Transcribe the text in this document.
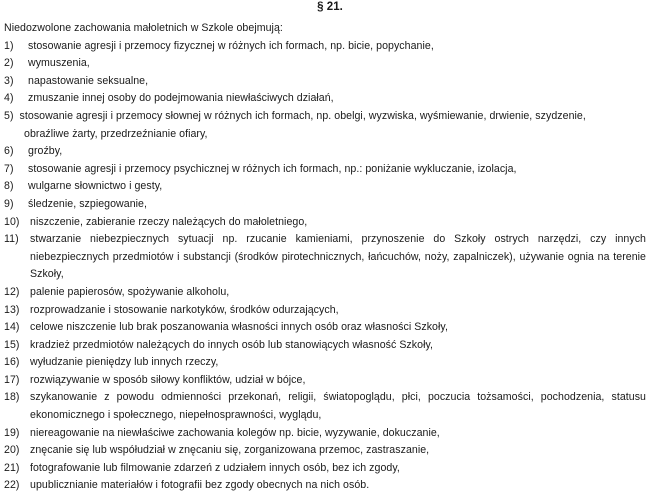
§ 21.
Niedozwolone zachowania małoletnich w Szkole obejmują:
1)	stosowanie agresji i przemocy fizycznej w różnych ich formach, np. bicie, popychanie,
2)	wymuszenia,
3)	napastowanie seksualne,
4)	zmuszanie innej osoby do podejmowania niewłaściwych działań,
5) stosowanie agresji i przemocy słownej w różnych ich formach, np. obelgi, wyzwiska, wyśmiewanie, drwienie, szydzenie,
obraźliwe żarty, przedrzeźnianie ofiary,
6)	groźby,
7)	stosowanie agresji i przemocy psychicznej w różnych ich formach, np.: poniżanie wykluczanie, izolacja,
8)	wulgarne słownictwo i gesty,
9)	śledzenie, szpiegowanie,
10) niszczenie, zabieranie rzeczy należących do małoletniego,
11)	stwarzanie niebezpiecznych sytuacji np. rzucanie kamieniami, przynoszenie do Szkoły ostrych narzędzi, czy innych niebezpiecznych przedmiotów i substancji (środków pirotechnicznych, łańcuchów, noży, zapalniczek), używanie ognia na terenie Szkoły,
12) palenie papierosów, spożywanie alkoholu,
13) rozprowadzanie i stosowanie narkotyków, środków odurzających,
14) celowe niszczenie lub brak poszanowania własności innych osób oraz własności Szkoły,
15) kradzież przedmiotów należących do innych osób lub stanowiących własność Szkoły,
16) wyłudzanie pieniędzy lub innych rzeczy,
17) rozwiązywanie w sposób siłowy konfliktów, udział w bójce,
18) szykanowanie z powodu odmienności przekonań, religii, światopoglądu, płci, poczucia tożsamości, pochodzenia, statusu ekonomicznego i społecznego, niepełnosprawności, wyglądu,
19) niereagowanie na niewłaściwe zachowania kolegów np. bicie, wyzywanie, dokuczanie,
20) znęcanie się lub współudział w znęcaniu się, zorganizowana przemoc, zastraszanie,
21) fotografowanie lub filmowanie zdarzeń z udziałem innych osób, bez ich zgody,
22) upublicznianie materiałów i fotografii bez zgody obecnych na nich osób.
